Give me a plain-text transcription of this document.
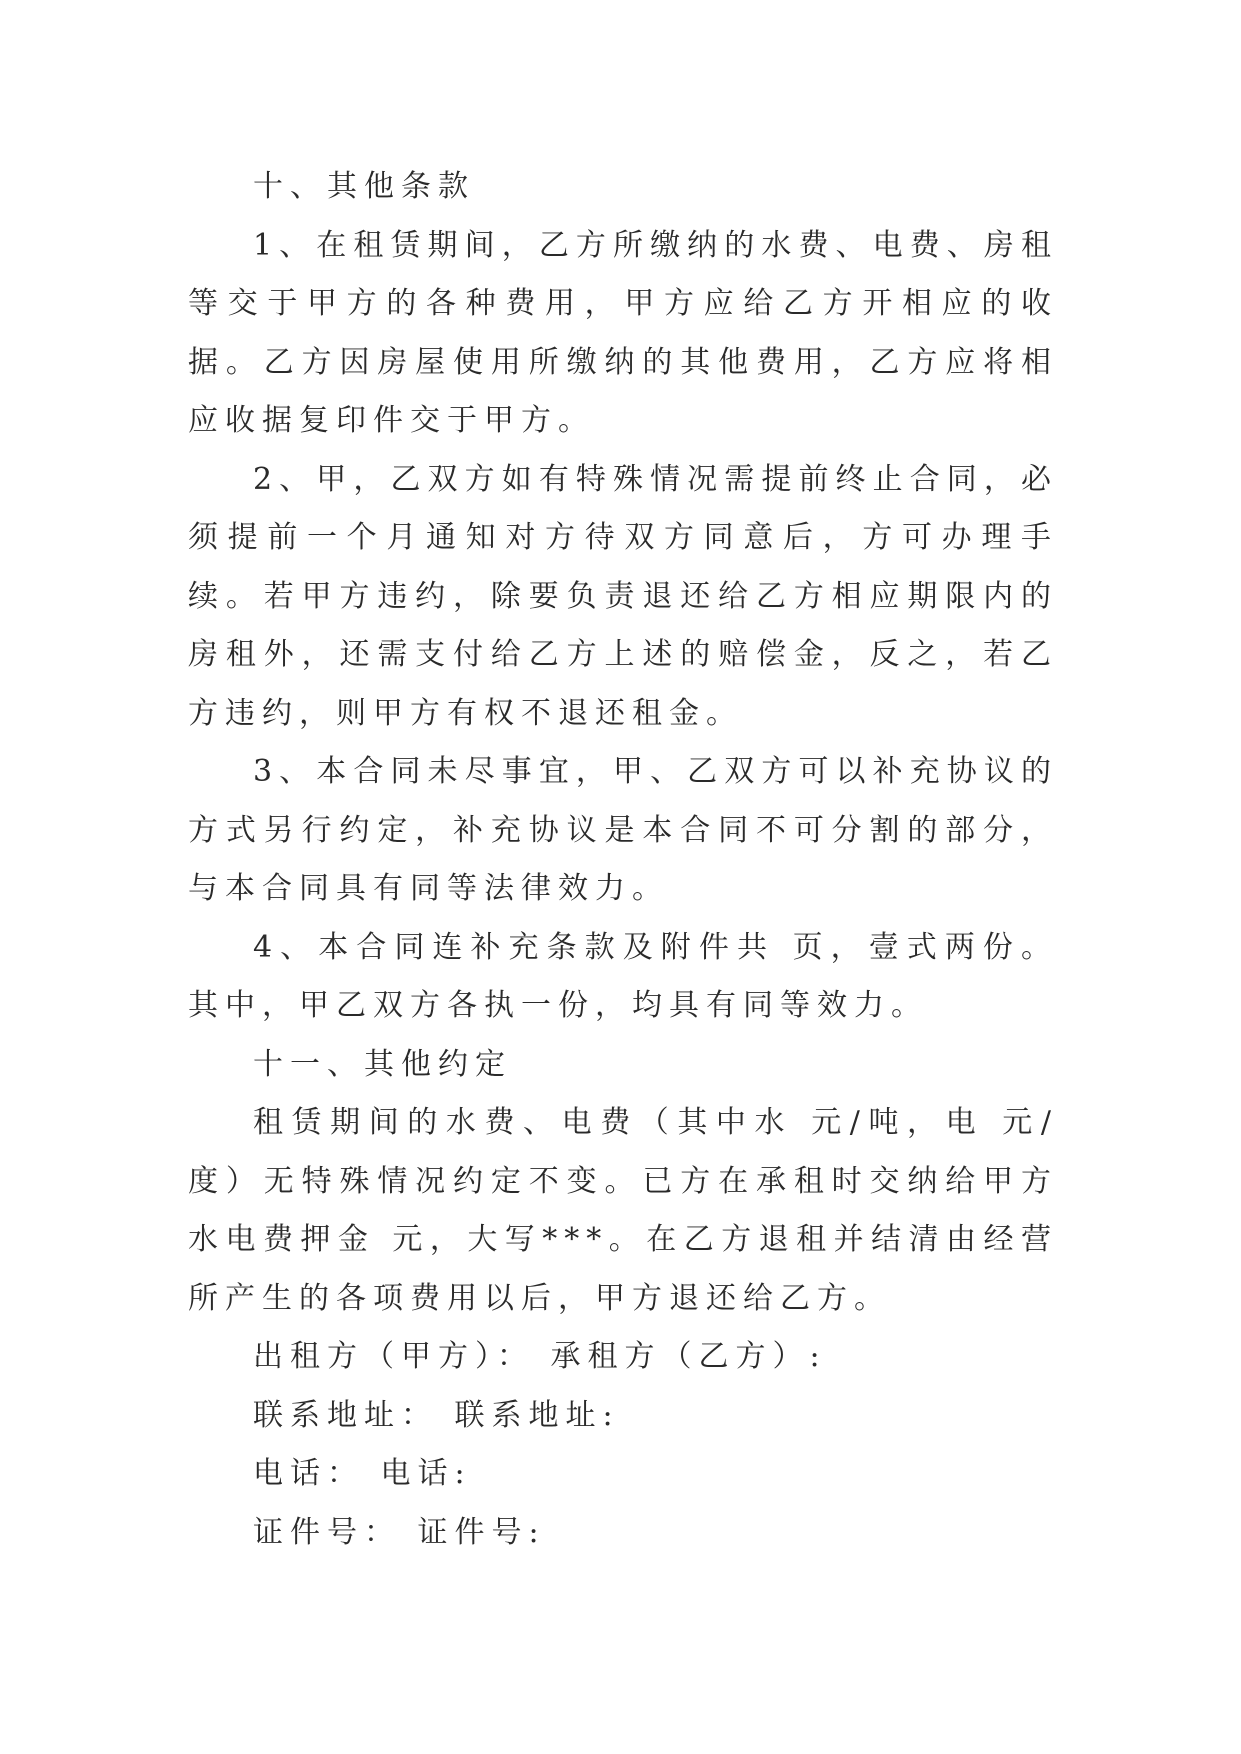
十、其他条款

1、在租赁期间，乙方所缴纳的水费、电费、房租等交于甲方的各种费用，甲方应给乙方开相应的收据。乙方因房屋使用所缴纳的其他费用，乙方应将相应收据复印件交于甲方。

2、甲，乙双方如有特殊情况需提前终止合同，必须提前一个月通知对方待双方同意后，方可办理手续。若甲方违约，除要负责退还给乙方相应期限内的房租外，还需支付给乙方上述的赔偿金，反之，若乙方违约，则甲方有权不退还租金。

3、本合同未尽事宜，甲、乙双方可以补充协议的方式另行约定，补充协议是本合同不可分割的部分，与本合同具有同等法律效力。

4、本合同连补充条款及附件共 页，壹式两份。其中，甲乙双方各执一份，均具有同等效力。

十一、其他约定

租赁期间的水费、电费（其中水 元/吨，电 元/度）无特殊情况约定不变。已方在承租时交纳给甲方水电费押金 元，大写***。在乙方退租并结清由经营所产生的各项费用以后，甲方退还给乙方。

出租方（甲方）： 承租方（乙方）:

联系地址： 联系地址:

电话： 电话:

证件号： 证件号:
